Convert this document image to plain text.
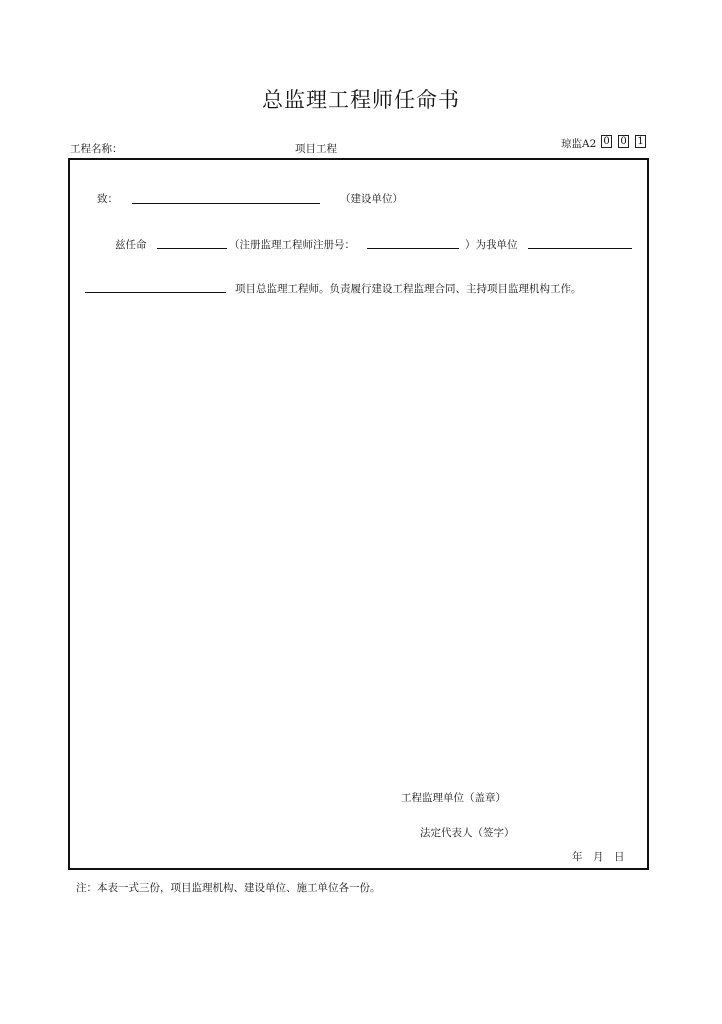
总监理工程师任命书
工程名称：	项目工程	琼监A2 0 0 1
致：	（建设单位）
兹任命	（注册监理工程师注册号：	）为我单位
项目总监理工程师。负责履行建设工程监理合同、主持项目监理机构工作。
工程监理单位（盖章）
法定代表人（签字）
年　月　日
注：本表一式三份，项目监理机构、建设单位、施工单位各一份。
